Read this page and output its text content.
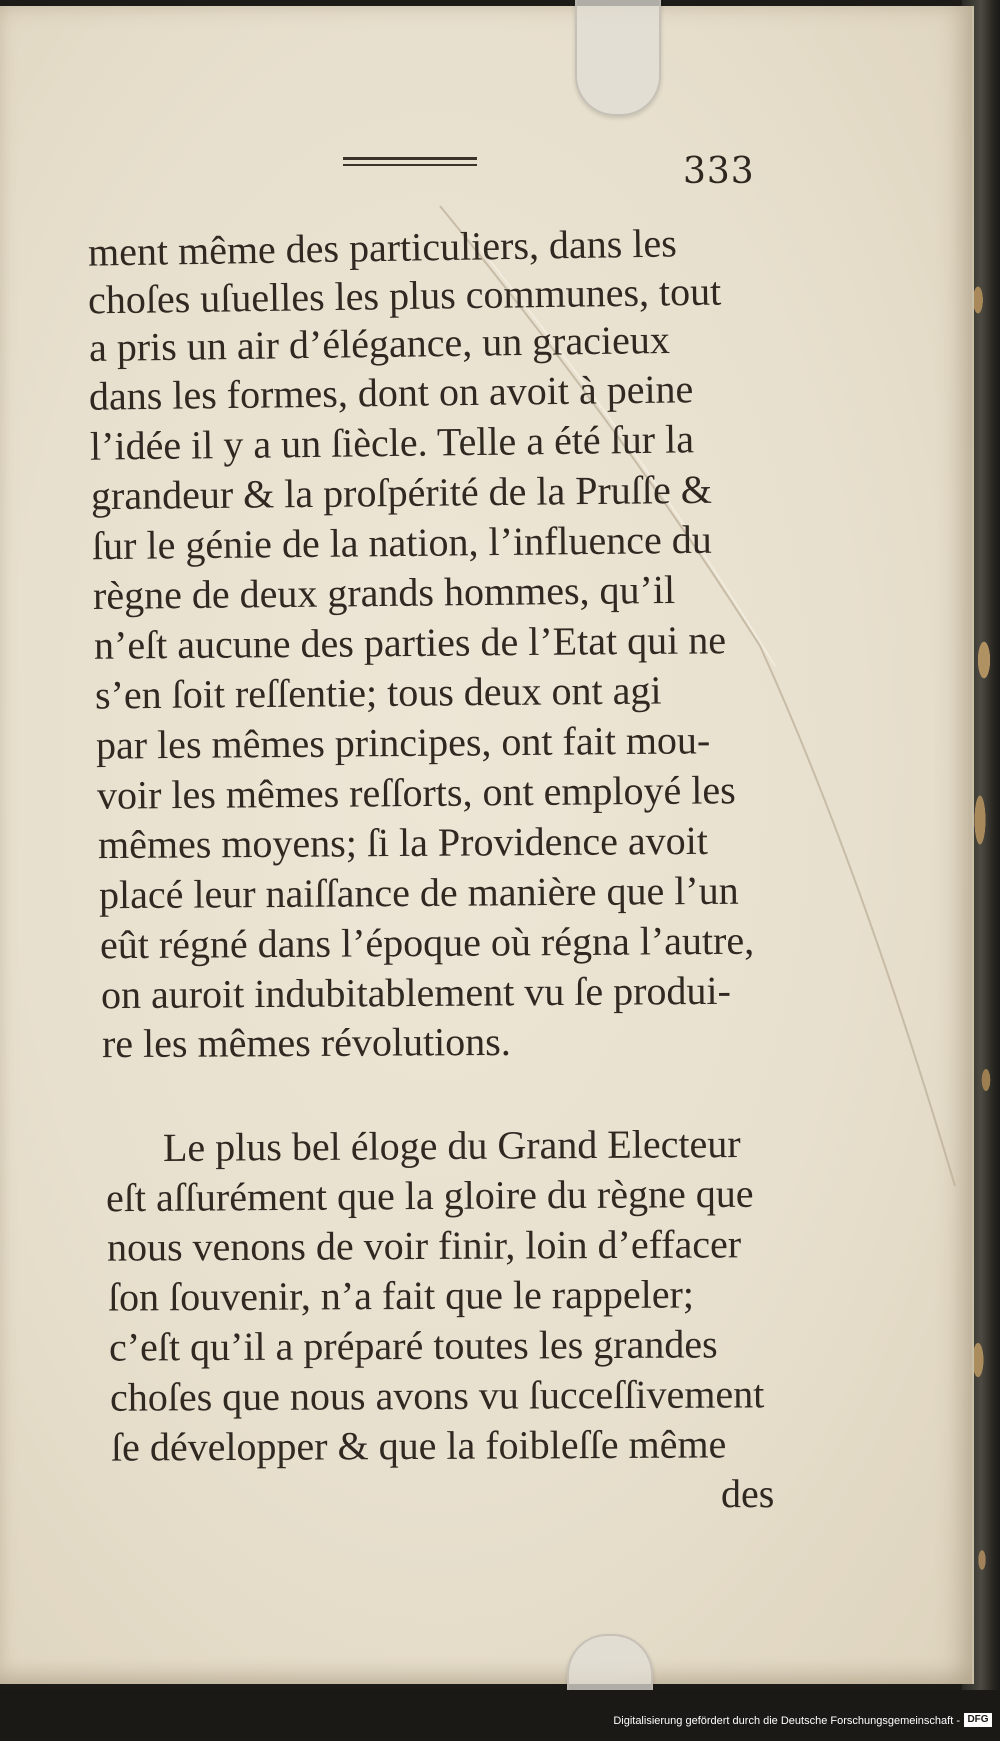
333
ment même des particuliers, dans les
choſes uſuelles les plus communes, tout
a pris un air d’élégance, un gracieux
dans les formes, dont on avoit à peine
l’idée il y a un ſiècle. Telle a été ſur la
grandeur & la proſpérité de la Pruſſe &
ſur le génie de la nation, l’influence du
règne de deux grands hommes, qu’il
n’eſt aucune des parties de l’Etat qui ne
s’en ſoit reſſentie; tous deux ont agi
par les mêmes principes, ont fait mou-
voir les mêmes reſſorts, ont employé les
mêmes moyens; ſi la Providence avoit
placé leur naiſſance de manière que l’un
eût régné dans l’époque où régna l’autre,
on auroit indubitablement vu ſe produi-
re les mêmes révolutions.
Le plus bel éloge du Grand Electeur
eſt aſſurément que la gloire du règne que
nous venons de voir finir, loin d’effacer
ſon ſouvenir, n’a fait que le rappeler;
c’eſt qu’il a préparé toutes les grandes
choſes que nous avons vu ſucceſſivement
ſe développer & que la foibleſſe même
des
Digitalisierung gefördert durch die Deutsche Forschungsgemeinschaft - DFG
